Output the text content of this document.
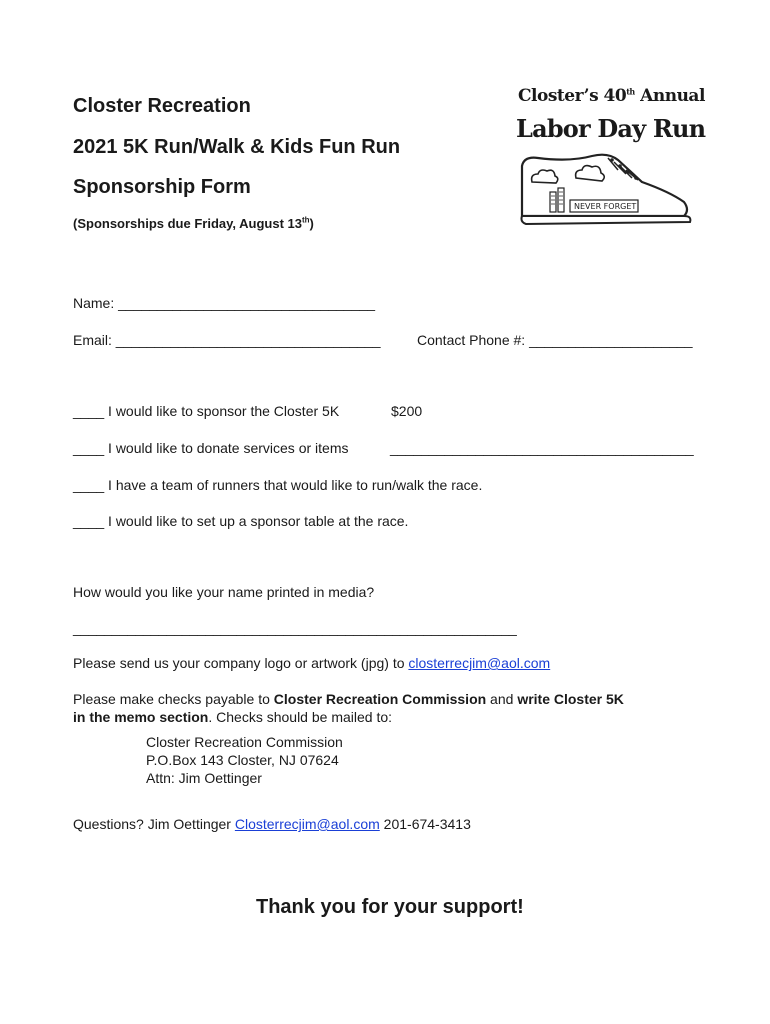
Closter Recreation
2021 5K Run/Walk & Kids Fun Run
Sponsorship Form
(Sponsorships due Friday, August 13th)
Closter’s 40th Annual
Labor Day Run
NEVER FORGET
Name: _________________________________
Email: __________________________________	Contact Phone #: _____________________
____ I would like to sponsor the Closter 5K	$200
____ I would like to donate services or items	_______________________________________
____ I have a team of runners that would like to run/walk the race.
____ I would like to set up a sponsor table at the race.
How would you like your name printed in media?
_________________________________________________________
Please send us your company logo or artwork (jpg) to closterrecjim@aol.com
Please make checks payable to Closter Recreation Commission and write Closter 5K
in the memo section. Checks should be mailed to:
Closter Recreation Commission
P.O.Box 143 Closter, NJ 07624
Attn: Jim Oettinger
Questions? Jim Oettinger Closterrecjim@aol.com 201-674-3413
Thank you for your support!
